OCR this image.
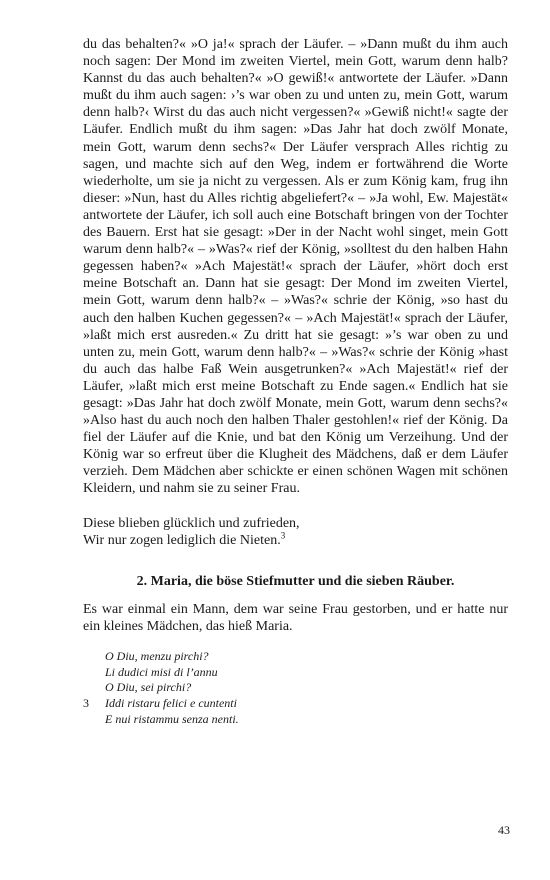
du das behalten?« »O ja!« sprach der Läufer. – »Dann mußt du ihm auch noch sagen: Der Mond im zweiten Viertel, mein Gott, warum denn halb? Kannst du das auch behalten?« »O gewiß!« antwortete der Läufer. »Dann mußt du ihm auch sagen: ›’s war oben zu und unten zu, mein Gott, warum denn halb?‹ Wirst du das auch nicht vergessen?« »Gewiß nicht!« sagte der Läufer. Endlich mußt du ihm sagen: »Das Jahr hat doch zwölf Monate, mein Gott, warum denn sechs?« Der Läufer versprach Alles richtig zu sagen, und machte sich auf den Weg, indem er fortwährend die Worte wiederholte, um sie ja nicht zu vergessen. Als er zum König kam, frug ihn dieser: »Nun, hast du Alles richtig abgeliefert?« – »Ja wohl, Ew. Majestät« antwortete der Läufer, ich soll auch eine Botschaft bringen von der Tochter des Bauern. Erst hat sie gesagt: »Der in der Nacht wohl singet, mein Gott warum denn halb?« – »Was?« rief der König, »solltest du den halben Hahn gegessen haben?« »Ach Majestät!« sprach der Läufer, »hört doch erst meine Botschaft an. Dann hat sie gesagt: Der Mond im zweiten Viertel, mein Gott, warum denn halb?« – »Was?« schrie der König, »so hast du auch den halben Kuchen gegessen?« – »Ach Majestät!« sprach der Läufer, »laßt mich erst ausreden.« Zu dritt hat sie gesagt: »’s war oben zu und unten zu, mein Gott, warum denn halb?« – »Was?« schrie der König »hast du auch das halbe Faß Wein ausgetrunken?« »Ach Majestät!« rief der Läufer, »laßt mich erst meine Botschaft zu Ende sagen.« Endlich hat sie gesagt: »Das Jahr hat doch zwölf Monate, mein Gott, warum denn sechs?« »Also hast du auch noch den halben Thaler gestohlen!« rief der König. Da fiel der Läufer auf die Knie, und bat den König um Verzeihung. Und der König war so erfreut über die Klugheit des Mädchens, daß er dem Läufer verzieh. Dem Mädchen aber schickte er einen schönen Wagen mit schönen Kleidern, und nahm sie zu seiner Frau.

Diese blieben glücklich und zufrieden,
Wir nur zogen lediglich die Nieten.$^3$
2. Maria, die böse Stiefmutter und die sieben Räuber.

Es war einmal ein Mann, dem war seine Frau gestorben, und er hatte nur ein kleines Mädchen, das hieß Maria.

O Diu, menzu pirchi?
Li dudici misi di l’annu
O Diu, sei pirchi?
3	Iddi ristaru felici e cuntenti
E nui ristammu senza nenti.
43
